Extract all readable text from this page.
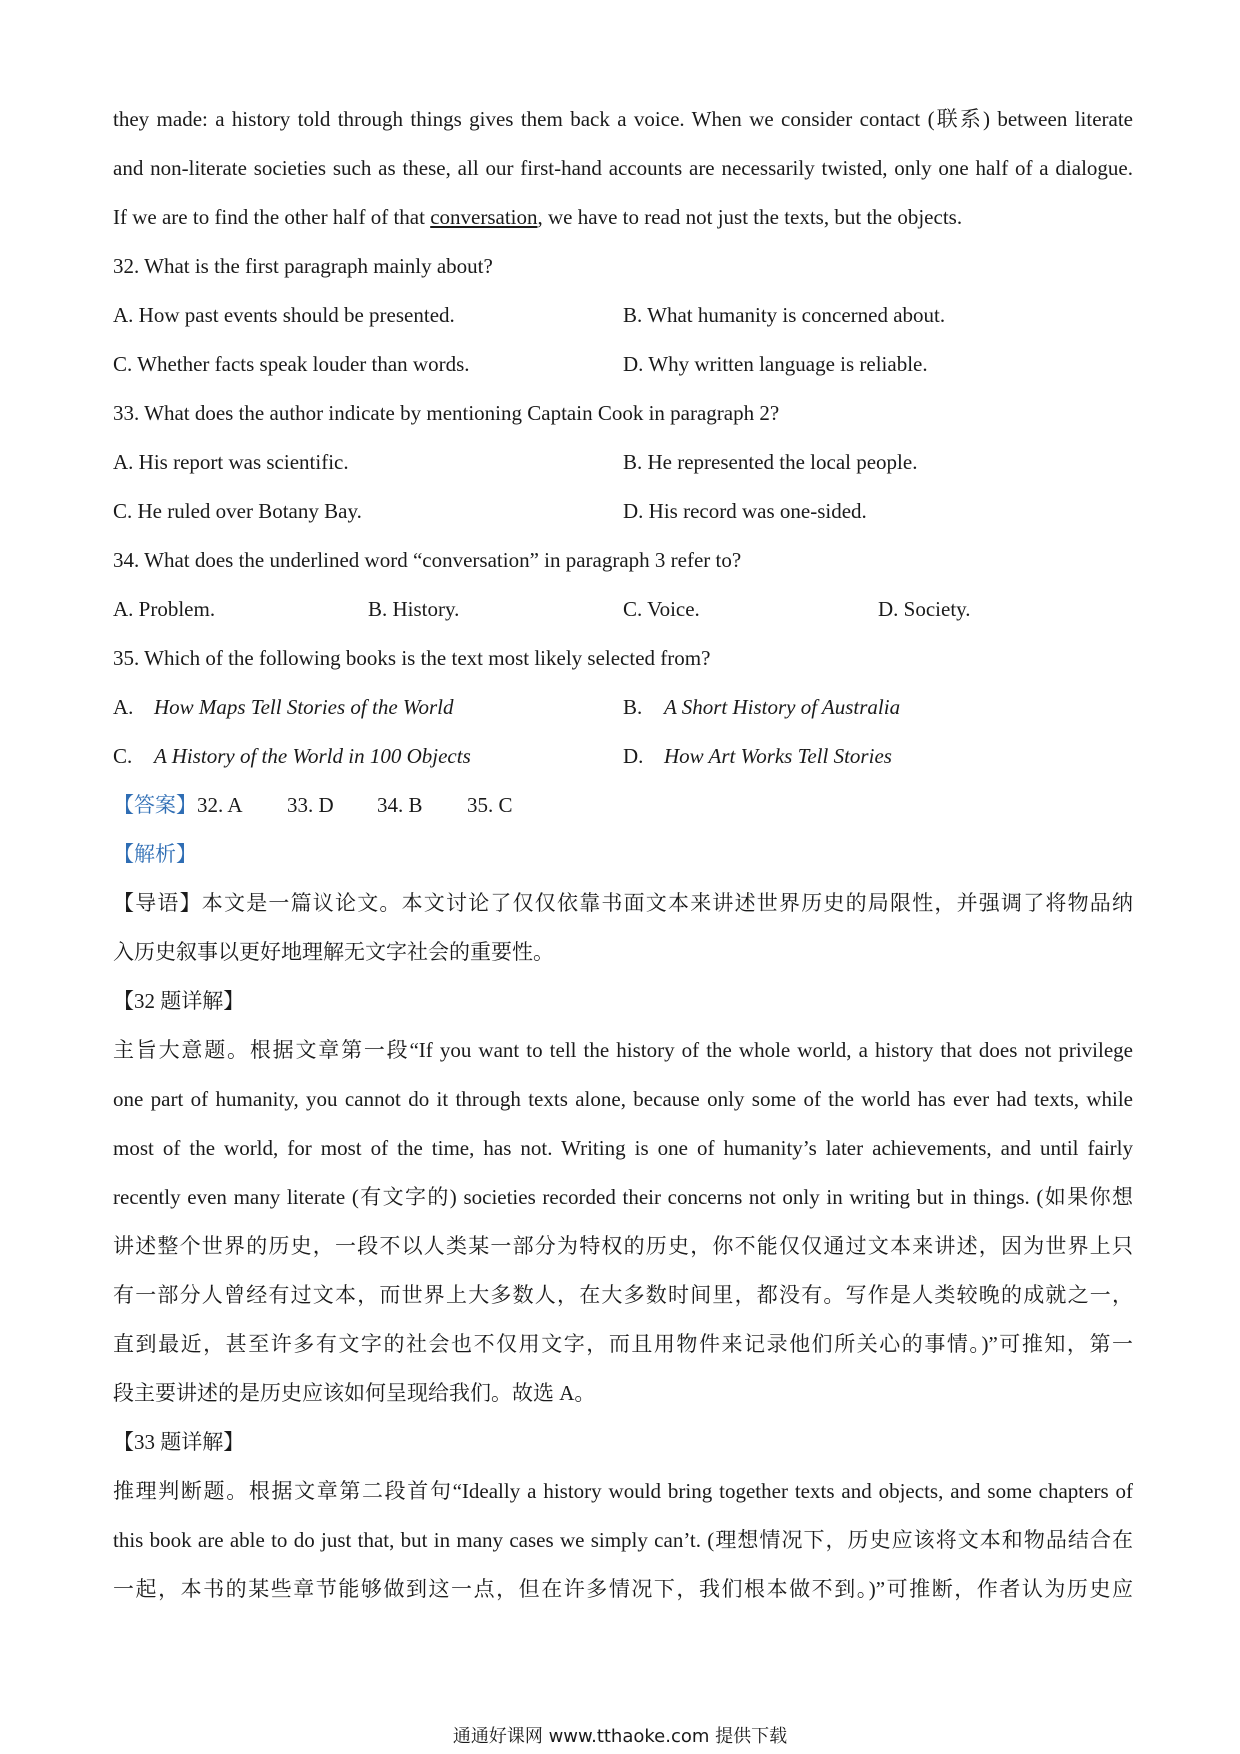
they made: a history told through things gives them back a voice. When we consider contact (联系) between literate
and non-literate societies such as these, all our first-hand accounts are necessarily twisted, only one half of a dialogue.
If we are to find the other half of that conversation, we have to read not just the texts, but the objects.
32. What is the first paragraph mainly about?
A. How past events should be presented.	B. What humanity is concerned about.
C. Whether facts speak louder than words.	D. Why written language is reliable.
33. What does the author indicate by mentioning Captain Cook in paragraph 2?
A. His report was scientific.	B. He represented the local people.
C. He ruled over Botany Bay.	D. His record was one-sided.
34. What does the underlined word “conversation” in paragraph 3 refer to?
A. Problem.	B. History.	C. Voice.	D. Society.
35. Which of the following books is the text most likely selected from?
A. How Maps Tell Stories of the World	B. A Short History of Australia
C. A History of the World in 100 Objects	D. How Art Works Tell Stories
【答案】32. A 33. D 34. B 35. C
【解析】
【导语】本文是一篇议论文。本文讨论了仅仅依靠书面文本来讲述世界历史的局限性，并强调了将物品纳
入历史叙事以更好地理解无文字社会的重要性。
【32 题详解】
主旨大意题。根据文章第一段“If you want to tell the history of the whole world, a history that does not privilege
one part of humanity, you cannot do it through texts alone, because only some of the world has ever had texts, while
most of the world, for most of the time, has not. Writing is one of humanity’s later achievements, and until fairly
recently even many literate (有文字的) societies recorded their concerns not only in writing but in things. (如果你想
讲述整个世界的历史，一段不以人类某一部分为特权的历史，你不能仅仅通过文本来讲述，因为世界上只
有一部分人曾经有过文本，而世界上大多数人，在大多数时间里，都没有。写作是人类较晚的成就之一，
直到最近，甚至许多有文字的社会也不仅用文字，而且用物件来记录他们所关心的事情。)”可推知，第一
段主要讲述的是历史应该如何呈现给我们。故选 A。
【33 题详解】
推理判断题。根据文章第二段首句“Ideally a history would bring together texts and objects, and some chapters of
this book are able to do just that, but in many cases we simply can’t. (理想情况下，历史应该将文本和物品结合在
一起，本书的某些章节能够做到这一点，但在许多情况下，我们根本做不到。)”可推断，作者认为历史应
通通好课网 www.tthaoke.com 提供下载
